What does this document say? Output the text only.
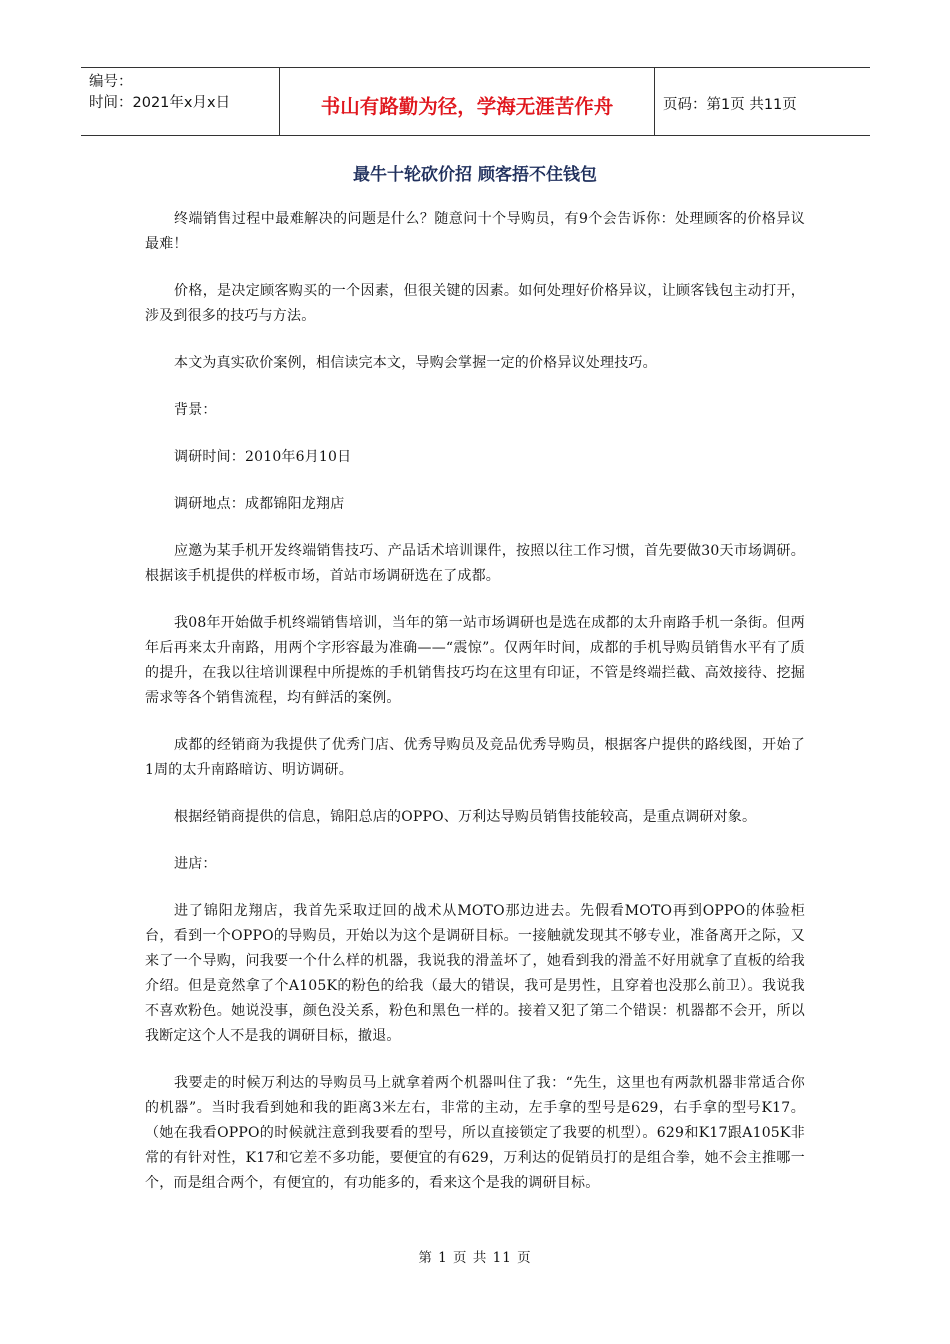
编号：
时间：2021年x月x日	书山有路勤为径，学海无涯苦作舟	页码：第1页 共11页
最牛十轮砍价招 顾客捂不住钱包

终端销售过程中最难解决的问题是什么？随意问十个导购员，有9个会告诉你：处理顾客的价格异议最难！

价格，是决定顾客购买的一个因素，但很关键的因素。如何处理好价格异议，让顾客钱包主动打开，涉及到很多的技巧与方法。

本文为真实砍价案例，相信读完本文，导购会掌握一定的价格异议处理技巧。

背景：

调研时间：2010年6月10日

调研地点：成都锦阳龙翔店

应邀为某手机开发终端销售技巧、产品话术培训课件，按照以往工作习惯，首先要做30天市场调研。根据该手机提供的样板市场，首站市场调研选在了成都。

我08年开始做手机终端销售培训，当年的第一站市场调研也是选在成都的太升南路手机一条街。但两年后再来太升南路，用两个字形容最为准确——“震惊”。仅两年时间，成都的手机导购员销售水平有了质的提升，在我以往培训课程中所提炼的手机销售技巧均在这里有印证，不管是终端拦截、高效接待、挖掘需求等各个销售流程，均有鲜活的案例。

成都的经销商为我提供了优秀门店、优秀导购员及竞品优秀导购员，根据客户提供的路线图，开始了1周的太升南路暗访、明访调研。

根据经销商提供的信息，锦阳总店的OPPO、万利达导购员销售技能较高，是重点调研对象。

进店：

进了锦阳龙翔店，我首先采取迂回的战术从MOTO那边进去。先假看MOTO再到OPPO的体验柜台，看到一个OPPO的导购员，开始以为这个是调研目标。一接触就发现其不够专业，准备离开之际，又来了一个导购，问我要一个什么样的机器，我说我的滑盖坏了，她看到我的滑盖不好用就拿了直板的给我介绍。但是竟然拿了个A105K的粉色的给我（最大的错误，我可是男性，且穿着也没那么前卫）。我说我不喜欢粉色。她说没事，颜色没关系，粉色和黑色一样的。接着又犯了第二个错误：机器都不会开，所以我断定这个人不是我的调研目标，撤退。

我要走的时候万利达的导购员马上就拿着两个机器叫住了我：“先生，这里也有两款机器非常适合你的机器”。当时我看到她和我的距离3米左右，非常的主动，左手拿的型号是629，右手拿的型号K17。（她在我看OPPO的时候就注意到我要看的型号，所以直接锁定了我要的机型）。629和K17跟A105K非常的有针对性，K17和它差不多功能，要便宜的有629，万利达的促销员打的是组合拳，她不会主推哪一个，而是组合两个，有便宜的，有功能多的，看来这个是我的调研目标。

第 1 页 共 11 页
